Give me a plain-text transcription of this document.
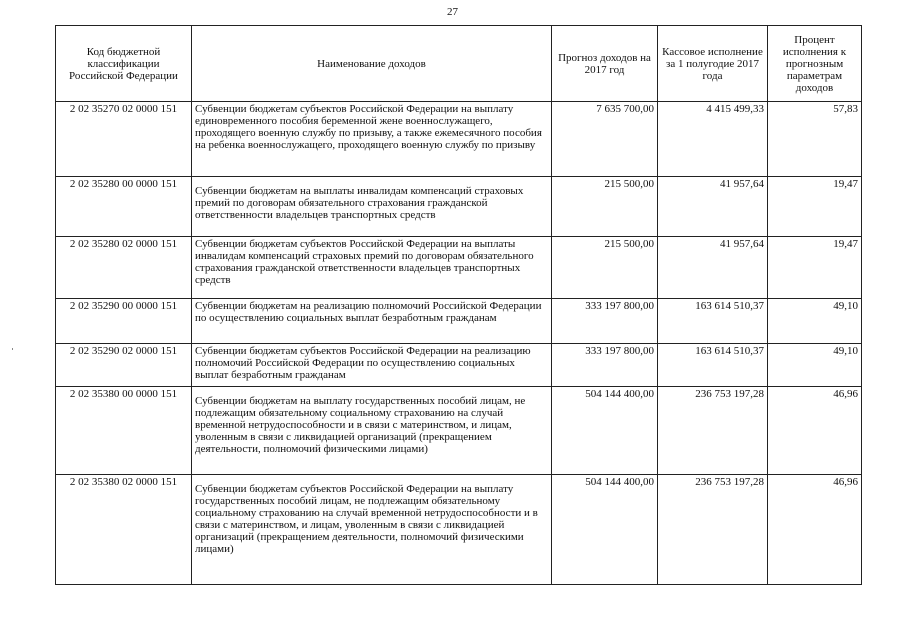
27
Код бюджетной классификации Российской Федерации	Наименование доходов	Прогноз доходов на 2017 год	Кассовое исполнение за 1 полугодие 2017 года	Процент исполнения к прогнозным параметрам доходов
2 02 35270 02 0000 151	Субвенции бюджетам субъектов Российской Федерации на выплату единовременного пособия беременной жене военнослужащего, проходящего военную службу по призыву, а также ежемесячного пособия на ребенка военнослужащего, проходящего военную службу по призыву	7 635 700,00	4 415 499,33	57,83
2 02 35280 00 0000 151	Субвенции бюджетам на выплаты инвалидам компенсаций страховых премий по договорам обязательного страхования гражданской ответственности владельцев транспортных средств	215 500,00	41 957,64	19,47
2 02 35280 02 0000 151	Субвенции бюджетам субъектов Российской Федерации на выплаты инвалидам компенсаций страховых премий по договорам обязательного страхования гражданской ответственности владельцев транспортных средств	215 500,00	41 957,64	19,47
2 02 35290 00 0000 151	Субвенции бюджетам на реализацию полномочий Российской Федерации по осуществлению социальных выплат безработным гражданам	333 197 800,00	163 614 510,37	49,10
2 02 35290 02 0000 151	Субвенции бюджетам субъектов Российской Федерации на реализацию полномочий Российской Федерации по осуществлению социальных выплат безработным гражданам	333 197 800,00	163 614 510,37	49,10
2 02 35380 00 0000 151	Субвенции бюджетам на выплату государственных пособий лицам, не подлежащим обязательному социальному страхованию на случай временной нетрудоспособности и в связи с материнством, и лицам, уволенным в связи с ликвидацией организаций (прекращением деятельности, полномочий физическими лицами)	504 144 400,00	236 753 197,28	46,96
2 02 35380 02 0000 151	Субвенции бюджетам субъектов Российской Федерации на выплату государственных пособий лицам, не подлежащим обязательному социальному страхованию на случай временной нетрудоспособности и в связи с материнством, и лицам, уволенным в связи с ликвидацией организаций (прекращением деятельности, полномочий физическими лицами)	504 144 400,00	236 753 197,28	46,96
